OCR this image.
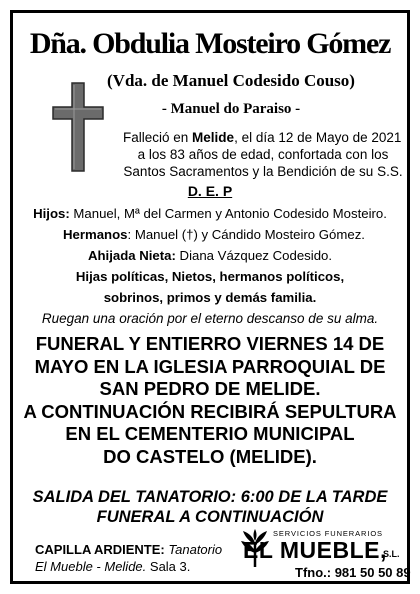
Dña. Obdulia Mosteiro Gómez
(Vda. de Manuel Codesido Couso)
- Manuel do Paraiso -
Falleció en Melide, el día 12 de Mayo de 2021
a los 83 años de edad, confortada con los
Santos Sacramentos y la Bendición de su S.S.
D. E. P
Hijos: Manuel, Mª del Carmen y Antonio Codesido Mosteiro.
Hermanos: Manuel (†) y Cándido Mosteiro Gómez.
Ahijada Nieta: Diana Vázquez Codesido.
Hijas políticas, Nietos, hermanos políticos,
sobrinos, primos y demás familia.
Ruegan una oración por el eterno descanso de su alma.
FUNERAL Y ENTIERRO VIERNES 14 DE
MAYO EN LA IGLESIA PARROQUIAL DE
SAN PEDRO DE MELIDE.
A CONTINUACIÓN RECIBIRÁ SEPULTURA
EN EL CEMENTERIO MUNICIPAL
DO CASTELO (MELIDE).
SALIDA DEL TANATORIO: 6:00 DE LA TARDE
FUNERAL A CONTINUACIÓN
CAPILLA ARDIENTE: Tanatorio
El Mueble - Melide. Sala 3.
SERVICIOS FUNERARIOS
EL MUEBLE,
S.L.
Tfno.: 981 50 50 89
